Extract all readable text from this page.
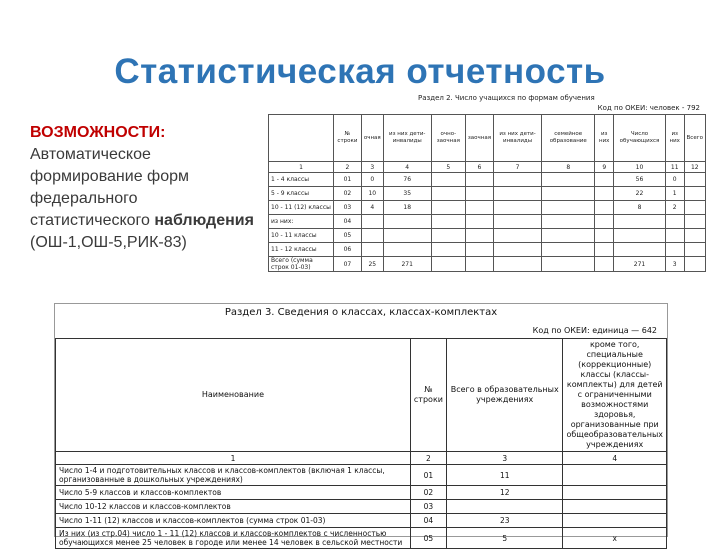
Статистическая отчетность
ВОЗМОЖНОСТИ:
Автоматическое формирование форм федерального статистического наблюдения (ОШ-1,ОШ-5,РИК-83)
Раздел 2. Число учащихся по формам обучения
Код по ОКЕИ: человек - 792
	№ строки	очная	из них дети-инвалиды	очно-заочная	заочная	из них дети-инвалиды	семейное образование	из них	Число обучающихся	из них	Всего
1	2	3	4	5	6	7	8	9	10	11	12
1 - 4 классы	01	0	76						56	0	
5 - 9 классы	02	10	35						22	1	
10 - 11 (12) классы	03	4	18						8	2	
из них:	04										
10 - 11 классы	05										
11 - 12 классы	06										
Всего (сумма строк 01-03)	07	25	271						271	3	
Раздел 3. Сведения о классах, классах-комплектах
Код по ОКЕИ: единица — 642
Наименование	№ строки	Всего в образовательных учреждениях	кроме того, специальные (коррекционные) классы (классы-комплекты) для детей с ограниченными возможностями здоровья, организованные при общеобразовательных учреждениях
1	2	3	4
Число 1-4 и подготовительных классов и классов-комплектов (включая 1 классы, организованные в дошкольных учреждениях)	01	11	
Число 5-9 классов и классов-комплектов	02	12	
Число 10-12 классов и классов-комплектов	03		
Число 1-11 (12) классов и классов-комплектов (сумма строк 01-03)	04	23	
Из них (из стр.04) число 1 - 11 (12) классов и классов-комплектов с численностью обучающихся менее 25 человек в городе или менее 14 человек в сельской местности	05	5	x
